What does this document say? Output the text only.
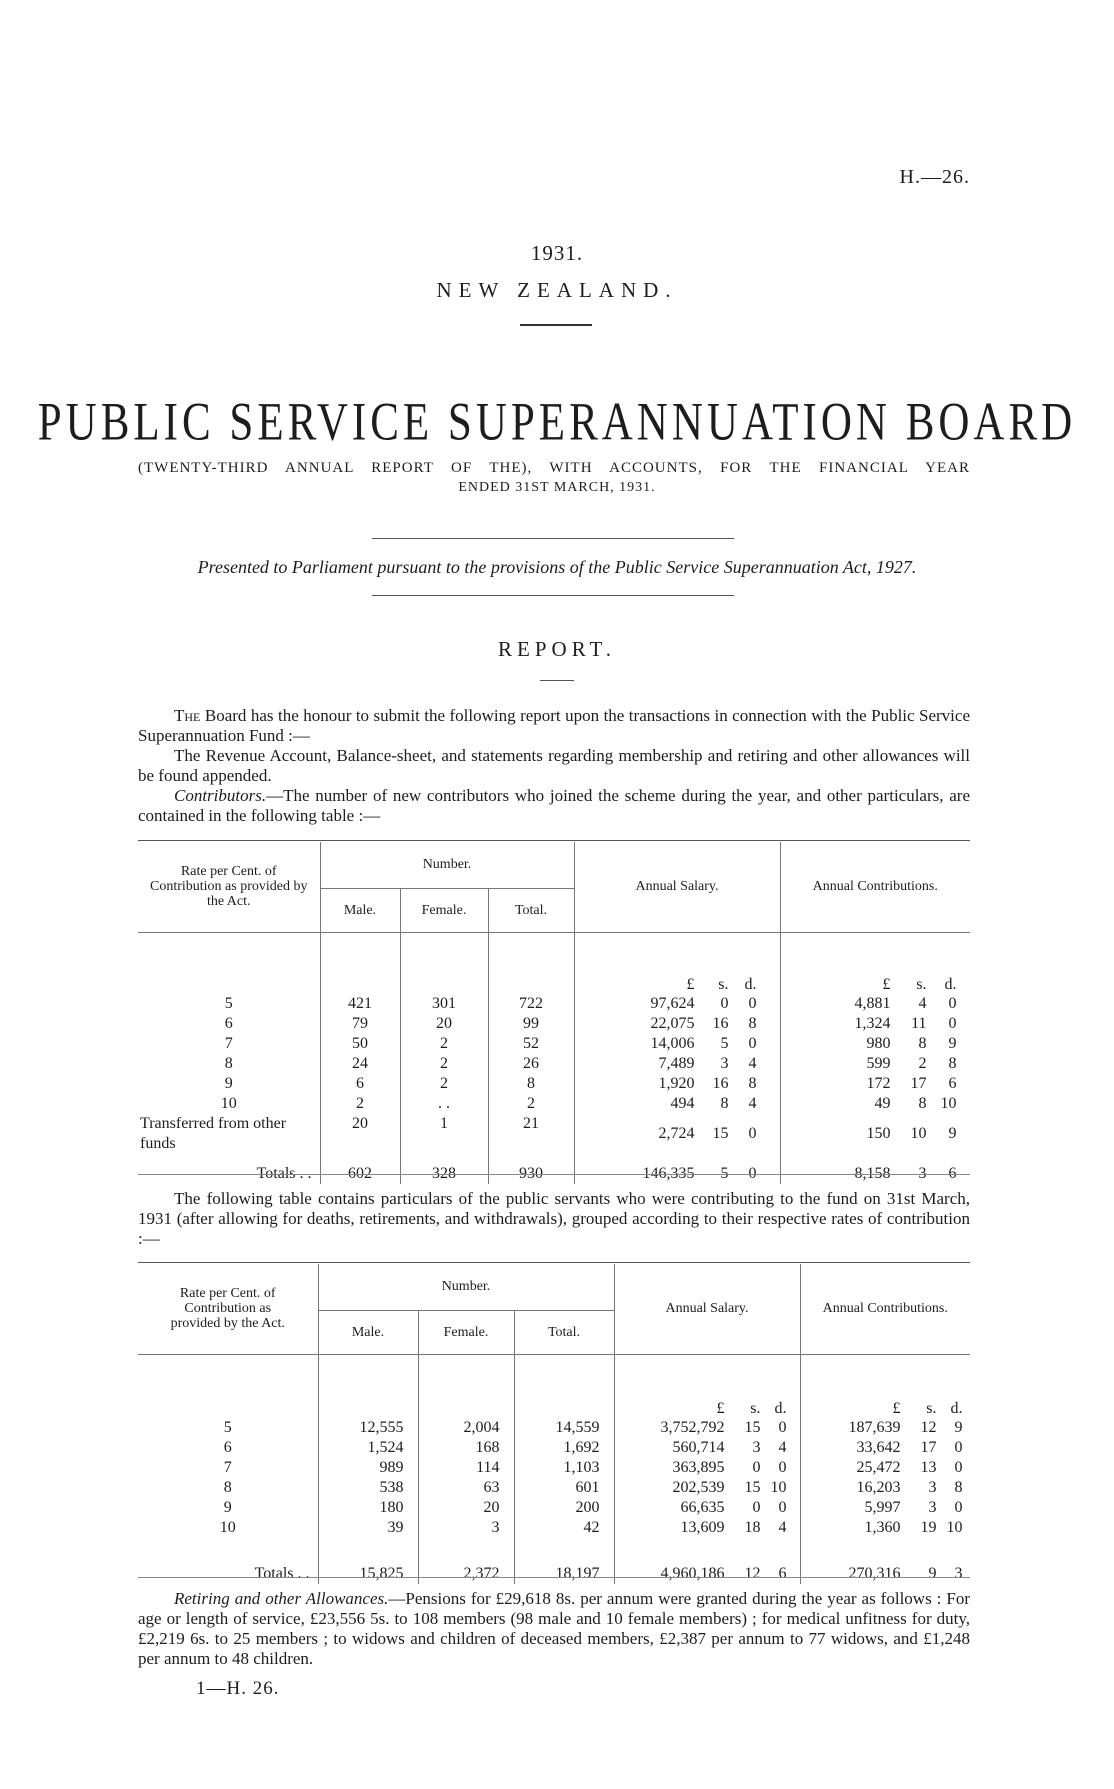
H.—26.
1931.
NEW ZEALAND.
PUBLIC SERVICE SUPERANNUATION BOARD
(TWENTY-THIRD ANNUAL REPORT OF THE), WITH ACCOUNTS, FOR THE FINANCIAL YEAR
ENDED 31ST MARCH, 1931.
Presented to Parliament pursuant to the provisions of the Public Service Superannuation Act, 1927.
REPORT.

The Board has the honour to submit the following report upon the transactions in connection with the Public Service Superannuation Fund :—

The Revenue Account, Balance-sheet, and statements regarding membership and retiring and other allowances will be found appended.

Contributors.—The number of new contributors who joined the scheme during the year, and other particulars, are contained in the following table :—

Rate per Cent. of Contribution as provided by the Act.	Number.			Annual Salary.	Annual Contributions.
	Male.	Female.	Total.		
				£ s. d.	£ s. d.
5	421	301	722	97,624 0 0	4,881 4 0
6	79	20	99	22,075 16 8	1,324 11 0
7	50	2	52	14,006 5 0	980 8 9
8	24	2	26	7,489 3 4	599 2 8
9	6	2	8	1,920 16 8	172 17 6
10	2	. .	2	494 8 4	49 8 10
Transferred from other funds	20	1	21	2,724 15 0	150 10 9
Totals . .	602	328	930	146,335 5 0	8,158 3 6

The following table contains particulars of the public servants who were contributing to the fund on 31st March, 1931 (after allowing for deaths, retirements, and withdrawals), grouped according to their respective rates of contribution :—

Rate per Cent. of Contribution as provided by the Act.	Number.			Annual Salary.	Annual Contributions.
	Male.	Female.	Total.		
				£ s. d.	£ s. d.
5	12,555	2,004	14,559	3,752,792 15 0	187,639 12 9
6	1,524	168	1,692	560,714 3 4	33,642 17 0
7	989	114	1,103	363,895 0 0	25,472 13 0
8	538	63	601	202,539 15 10	16,203 3 8
9	180	20	200	66,635 0 0	5,997 3 0
10	39	3	42	13,609 18 4	1,360 19 10

Totals . .	15,825	2,372	18,197	4,960,186 12 6	270,316 9 3

Retiring and other Allowances.—Pensions for £29,618 8s. per annum were granted during the year as follows : For age or length of service, £23,556 5s. to 108 members (98 male and 10 female members) ; for medical unfitness for duty, £2,219 6s. to 25 members ; to widows and children of deceased members, £2,387 per annum to 77 widows, and £1,248 per annum to 48 children.

1—H. 26.
